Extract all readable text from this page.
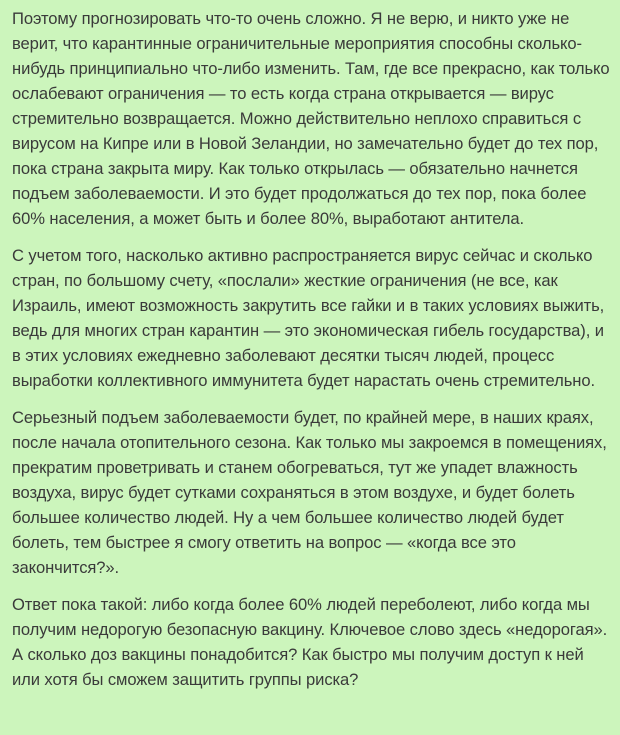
Поэтому прогнозировать что-то очень сложно. Я не верю, и никто уже не верит, что карантинные ограничительные мероприятия способны сколько-нибудь принципиально что-либо изменить. Там, где все прекрасно, как только ослабевают ограничения — то есть когда страна открывается — вирус стремительно возвращается. Можно действительно неплохо справиться с вирусом на Кипре или в Новой Зеландии, но замечательно будет до тех пор, пока страна закрыта миру. Как только открылась — обязательно начнется подъем заболеваемости. И это будет продолжаться до тех пор, пока более 60% населения, а может быть и более 80%, выработают антитела.

С учетом того, насколько активно распространяется вирус сейчас и сколько стран, по большому счету, «послали» жесткие ограничения (не все, как Израиль, имеют возможность закрутить все гайки и в таких условиях выжить, ведь для многих стран карантин — это экономическая гибель государства), и в этих условиях ежедневно заболевают десятки тысяч людей, процесс выработки коллективного иммунитета будет нарастать очень стремительно.

Серьезный подъем заболеваемости будет, по крайней мере, в наших краях, после начала отопительного сезона. Как только мы закроемся в помещениях, прекратим проветривать и станем обогреваться, тут же упадет влажность воздуха, вирус будет сутками сохраняться в этом воздухе, и будет болеть большее количество людей. Ну а чем большее количество людей будет болеть, тем быстрее я смогу ответить на вопрос — «когда все это закончится?».

Ответ пока такой: либо когда более 60% людей переболеют, либо когда мы получим недорогую безопасную вакцину. Ключевое слово здесь «недорогая». А сколько доз вакцины понадобится? Как быстро мы получим доступ к ней или хотя бы сможем защитить группы риска?
